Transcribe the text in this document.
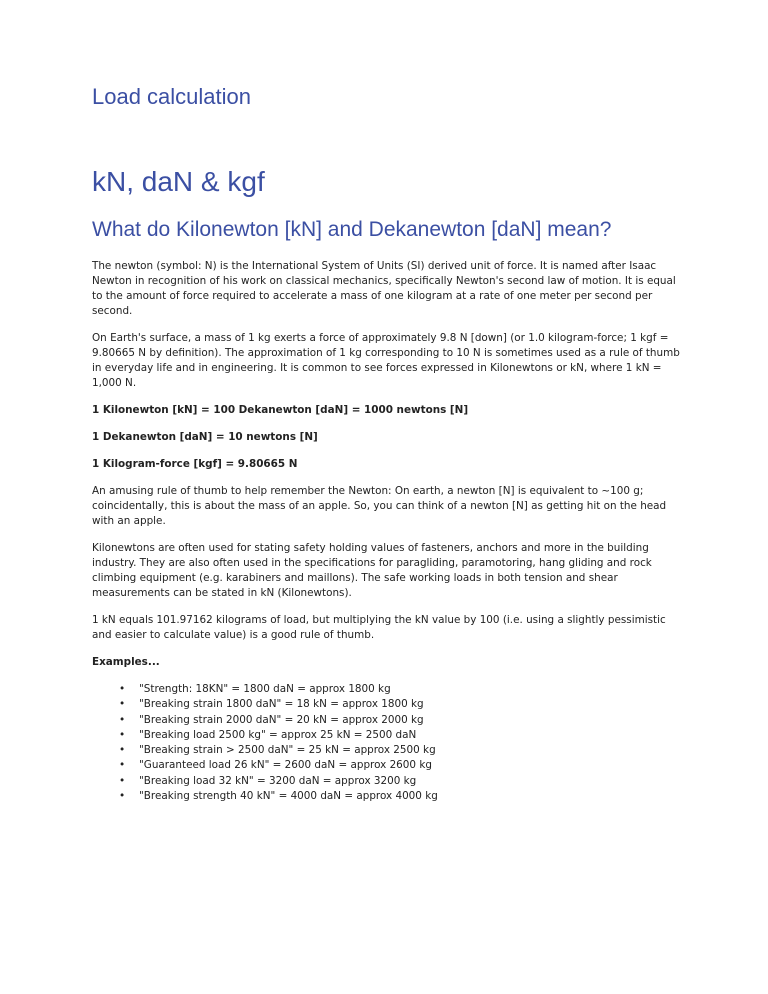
Load calculation
kN, daN & kgf
What do Kilonewton [kN] and Dekanewton [daN] mean?

The newton (symbol: N) is the International System of Units (SI) derived unit of force. It is named after Isaac Newton in recognition of his work on classical mechanics, specifically Newton's second law of motion. It is equal to the amount of force required to accelerate a mass of one kilogram at a rate of one meter per second per second.

On Earth's surface, a mass of 1 kg exerts a force of approximately 9.8 N [down] (or 1.0 kilogram-force; 1 kgf = 9.80665 N by definition). The approximation of 1 kg corresponding to 10 N is sometimes used as a rule of thumb in everyday life and in engineering. It is common to see forces expressed in Kilonewtons or kN, where 1 kN = 1,000 N.

1 Kilonewton [kN] = 100 Dekanewton [daN] = 1000 newtons [N]

1 Dekanewton [daN] = 10 newtons [N]

1 Kilogram-force [kgf] = 9.80665 N

An amusing rule of thumb to help remember the Newton: On earth, a newton [N] is equivalent to ~100 g; coincidentally, this is about the mass of an apple. So, you can think of a newton [N] as getting hit on the head with an apple.

Kilonewtons are often used for stating safety holding values of fasteners, anchors and more in the building industry. They are also often used in the specifications for paragliding, paramotoring, hang gliding and rock climbing equipment (e.g. karabiners and maillons). The safe working loads in both tension and shear measurements can be stated in kN (Kilonewtons).

1 kN equals 101.97162 kilograms of load, but multiplying the kN value by 100 (i.e. using a slightly pessimistic and easier to calculate value) is a good rule of thumb.

Examples...

• "Strength: 18KN" = 1800 daN = approx 1800 kg
• "Breaking strain 1800 daN" = 18 kN = approx 1800 kg
• "Breaking strain 2000 daN" = 20 kN = approx 2000 kg
• "Breaking load 2500 kg" = approx 25 kN = 2500 daN
• "Breaking strain > 2500 daN" = 25 kN = approx 2500 kg
• "Guaranteed load 26 kN" = 2600 daN = approx 2600 kg
• "Breaking load 32 kN" = 3200 daN = approx 3200 kg
• "Breaking strength 40 kN" = 4000 daN = approx 4000 kg
